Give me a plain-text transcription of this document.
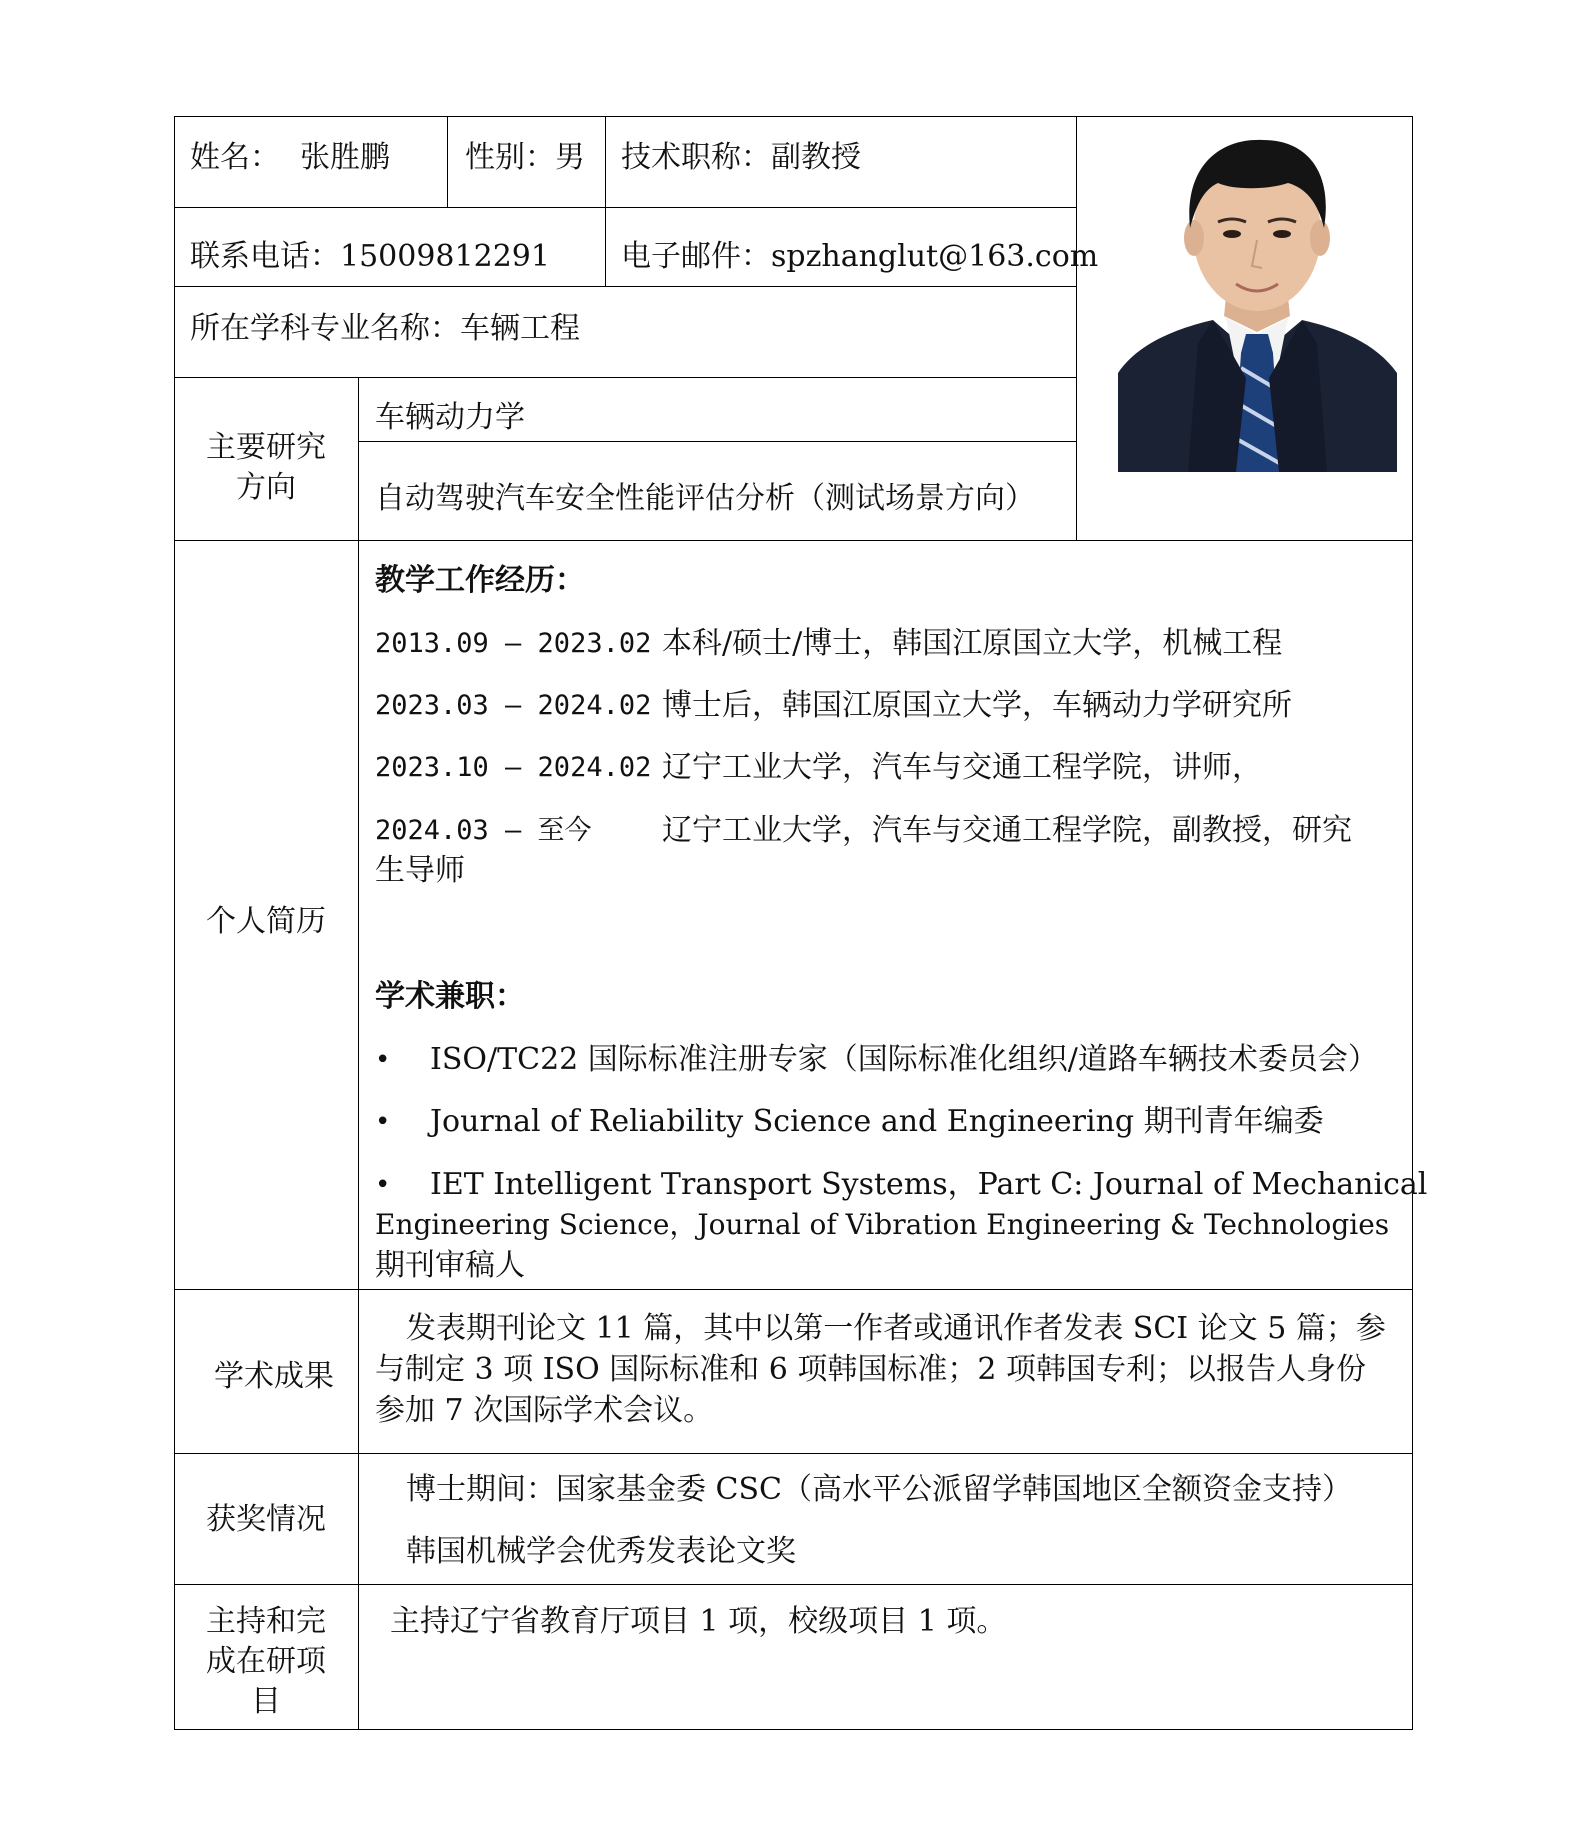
姓名： 张胜鹏	性别：男 技术职称：副教授
联系电话：15009812291 电子邮件：spzhanglut@163.com
所在学科专业名称：车辆工程
主要研究
方向
车辆动力学
自动驾驶汽车安全性能评估分析（测试场景方向）
个人简历
教学工作经历：
2013.09 – 2023.02 本科/硕士/博士，韩国江原国立大学，机械工程
2023.03 – 2024.02 博士后，韩国江原国立大学，车辆动力学研究所
2023.10 – 2024.02 辽宁工业大学，汽车与交通工程学院，讲师，
2024.03 – 至今 辽宁工业大学，汽车与交通工程学院，副教授，研究
生导师
学术兼职：
• ISO/TC22 国际标准注册专家（国际标准化组织/道路车辆技术委员会）
• Journal of Reliability Science and Engineering 期刊青年编委
• IET Intelligent Transport Systems，Part C: Journal of Mechanical
Engineering Science，Journal of Vibration Engineering & Technologies
期刊审稿人
学术成果
发表期刊论文 11 篇，其中以第一作者或通讯作者发表 SCI 论文 5 篇；参
与制定 3 项 ISO 国际标准和 6 项韩国标准；2 项韩国专利；以报告人身份
参加 7 次国际学术会议。
获奖情况
博士期间：国家基金委 CSC（高水平公派留学韩国地区全额资金支持）
韩国机械学会优秀发表论文奖
主持和完
成在研项
目
主持辽宁省教育厅项目 1 项，校级项目 1 项。
